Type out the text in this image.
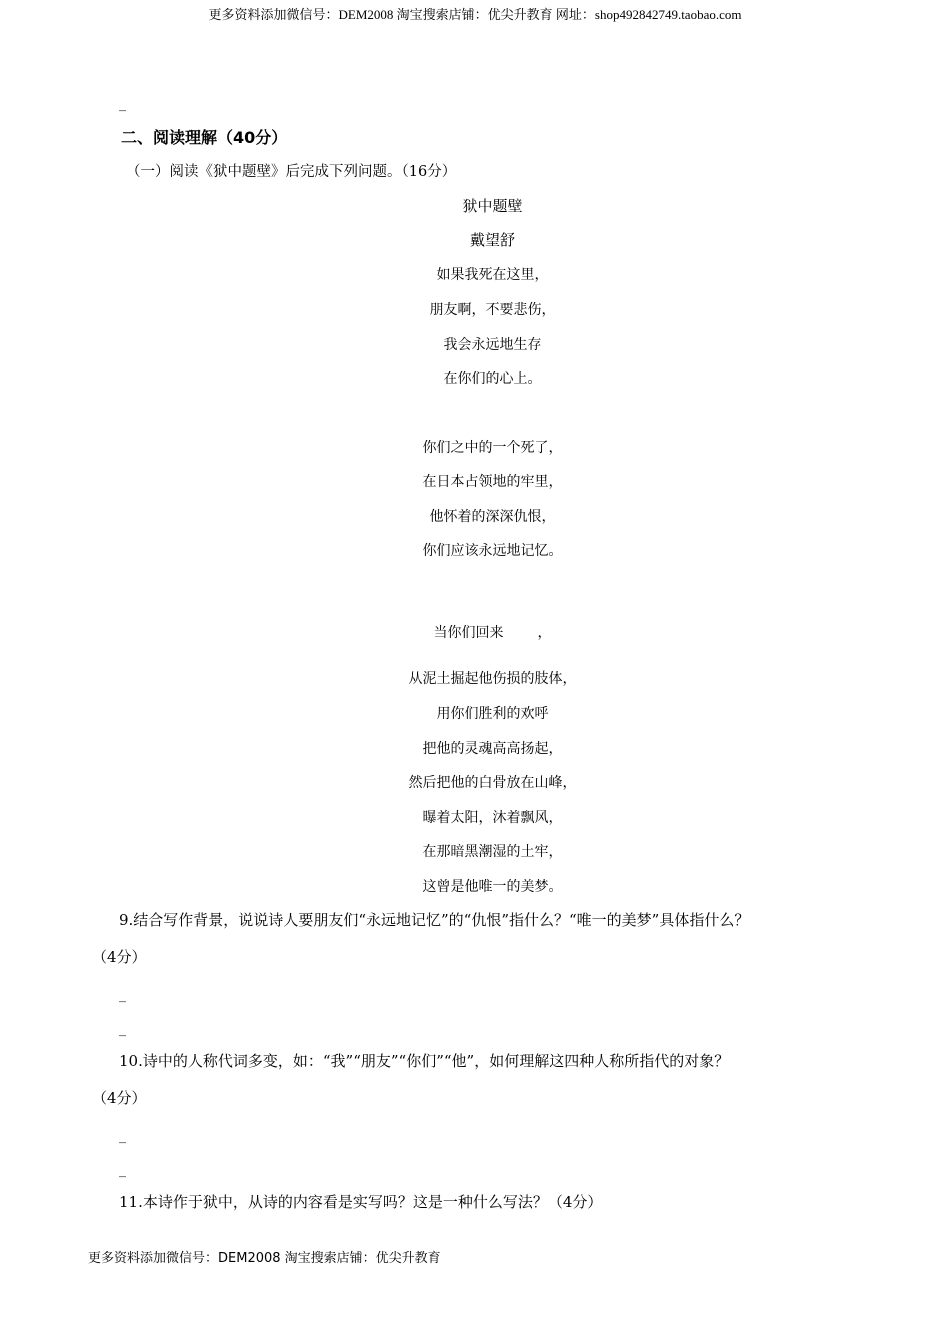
更多资料添加微信号：DEM2008 淘宝搜索店铺：优尖升教育 网址：shop492842749.taobao.com
_
二、阅读理解（40分）
（一）阅读《狱中题壁》后完成下列问题。（16分）
狱中题壁
戴望舒
如果我死在这里，
朋友啊，不要悲伤，
我会永远地生存
在你们的心上。
你们之中的一个死了，
在日本占领地的牢里，
他怀着的深深仇恨，
你们应该永远地记忆。
当你们回来 ，
从泥土掘起他伤损的肢体，
用你们胜利的欢呼
把他的灵魂高高扬起，
然后把他的白骨放在山峰，
曝着太阳，沐着飘风，
在那暗黑潮湿的土牢，
这曾是他唯一的美梦。
9.结合写作背景，说说诗人要朋友们“永远地记忆”的“仇恨”指什么？“唯一的美梦”具体指什么？
（4分）
_
_
10.诗中的人称代词多变，如：“我”“朋友”“你们”“他”，如何理解这四种人称所指代的对象？
（4分）
_
_
11.本诗作于狱中，从诗的内容看是实写吗？这是一种什么写法？（4分）
更多资料添加微信号：DEM2008 淘宝搜索店铺：优尖升教育
